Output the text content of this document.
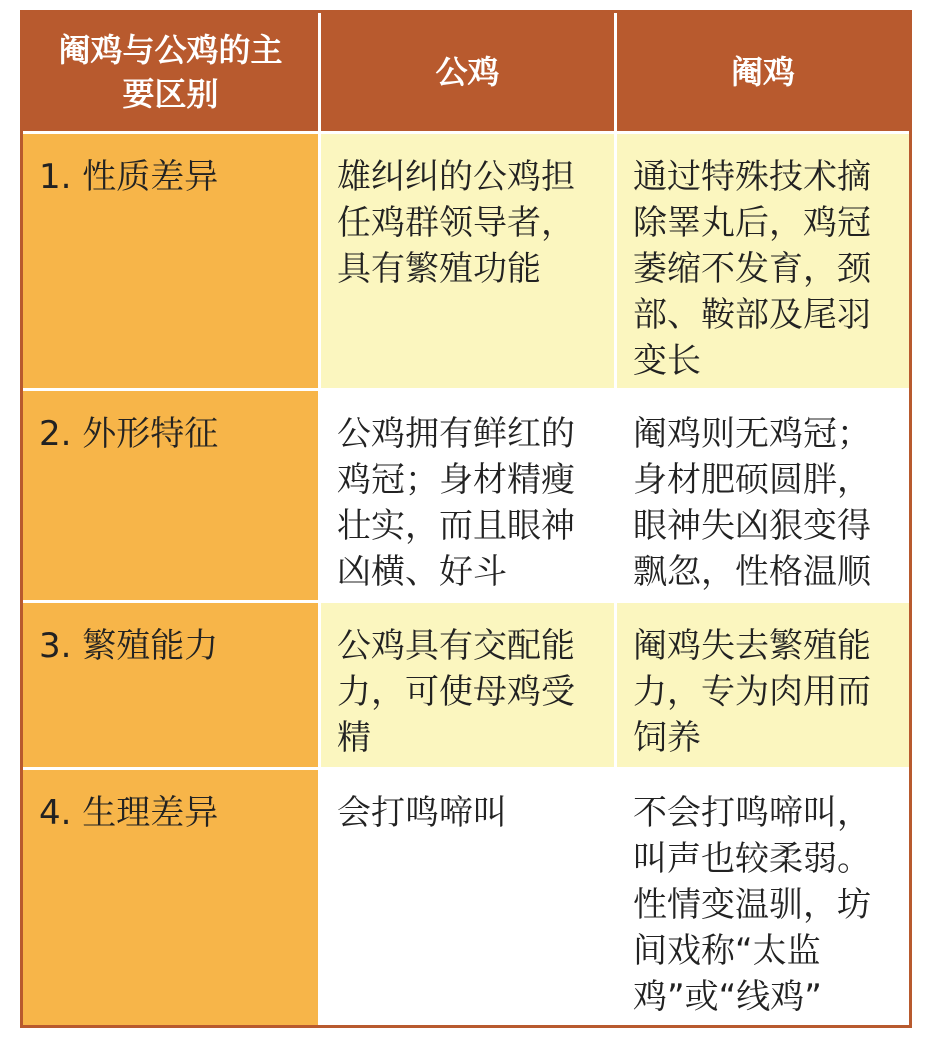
阉鸡与公鸡的主要区别	公鸡	阉鸡
1. 性质差异	雄纠纠的公鸡担任鸡群领导者，具有繁殖功能	通过特殊技术摘除睪丸后，鸡冠萎缩不发育，颈部、鞍部及尾羽变长
2. 外形特征	公鸡拥有鲜红的鸡冠；身材精瘦壮实，而且眼神凶横、好斗	阉鸡则无鸡冠；身材肥硕圆胖，眼神失凶狠变得飘忽，性格温顺
3. 繁殖能力	公鸡具有交配能力，可使母鸡受精	阉鸡失去繁殖能力，专为肉用而饲养
4. 生理差异	会打鸣啼叫	不会打鸣啼叫，叫声也较柔弱。性情变温驯，坊间戏称“太监鸡”或“线鸡”
